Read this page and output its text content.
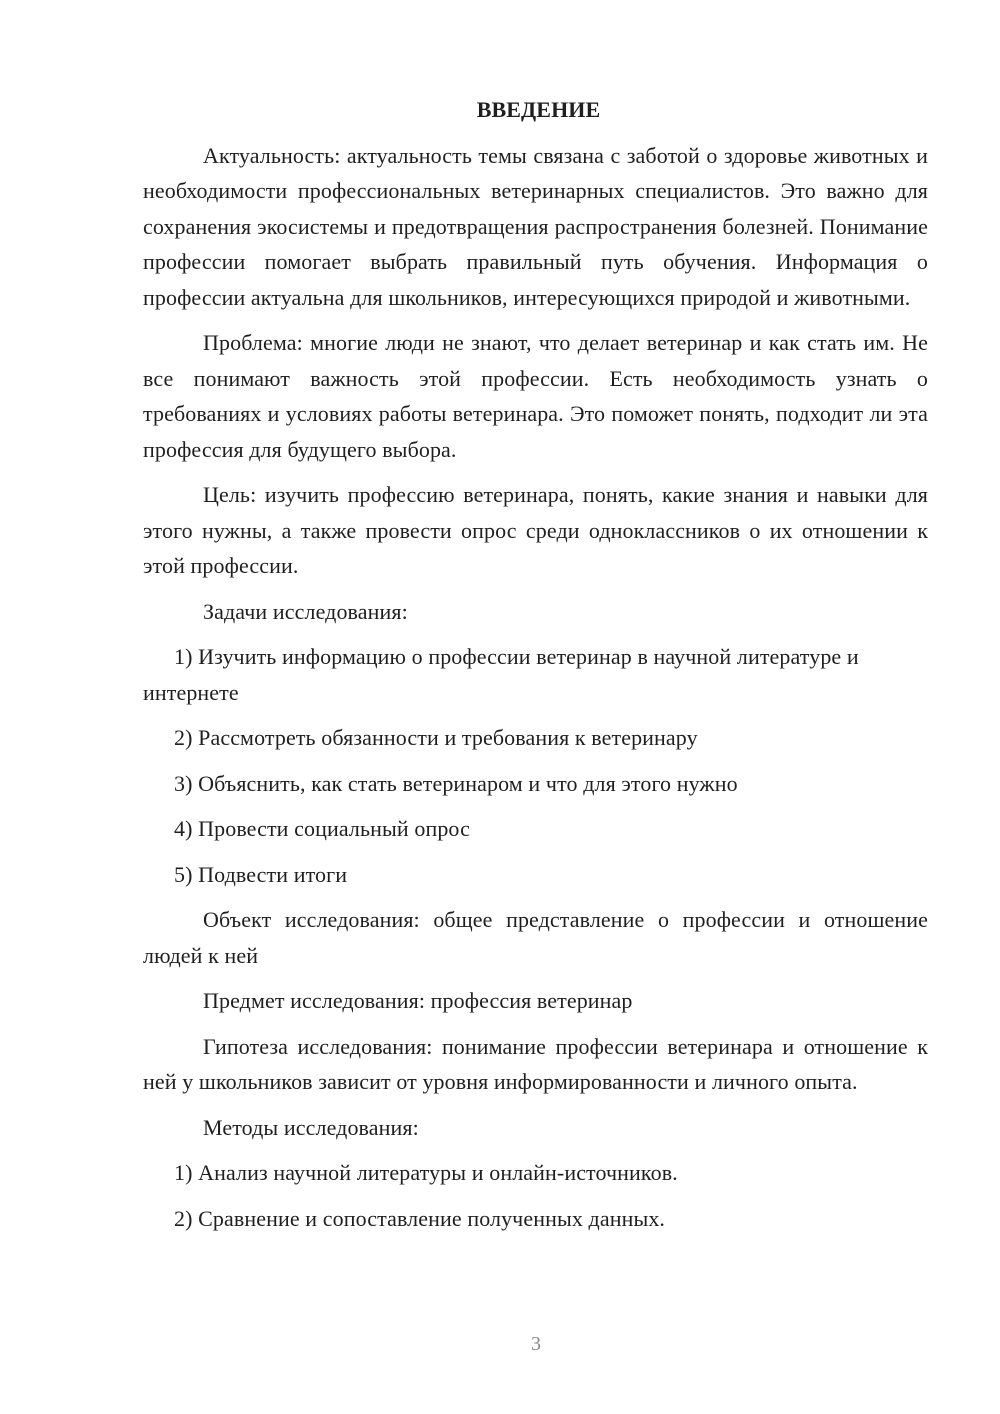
ВВЕДЕНИЕ

Актуальность: актуальность темы связана с заботой о здоровье животных и необходимости профессиональных ветеринарных специалистов. Это важно для сохранения экосистемы и предотвращения распространения болезней. Понимание профессии помогает выбрать правильный путь обучения. Информация о профессии актуальна для школьников, интересующихся природой и животными.

Проблема: многие люди не знают, что делает ветеринар и как стать им. Не все понимают важность этой профессии. Есть необходимость узнать о требованиях и условиях работы ветеринара. Это поможет понять, подходит ли эта профессия для будущего выбора.

Цель: изучить профессию ветеринара, понять, какие знания и навыки для этого нужны, а также провести опрос среди одноклассников о их отношении к этой профессии.

Задачи исследования:

1) Изучить информацию о профессии ветеринар в научной литературе и интернете

2) Рассмотреть обязанности и требования к ветеринару

3) Объяснить, как стать ветеринаром и что для этого нужно

4) Провести социальный опрос

5) Подвести итоги

Объект исследования: общее представление о профессии и отношение людей к ней

Предмет исследования: профессия ветеринар

Гипотеза исследования: понимание профессии ветеринара и отношение к ней у школьников зависит от уровня информированности и личного опыта.

Методы исследования:

1) Анализ научной литературы и онлайн-источников.

2) Сравнение и сопоставление полученных данных.

3
